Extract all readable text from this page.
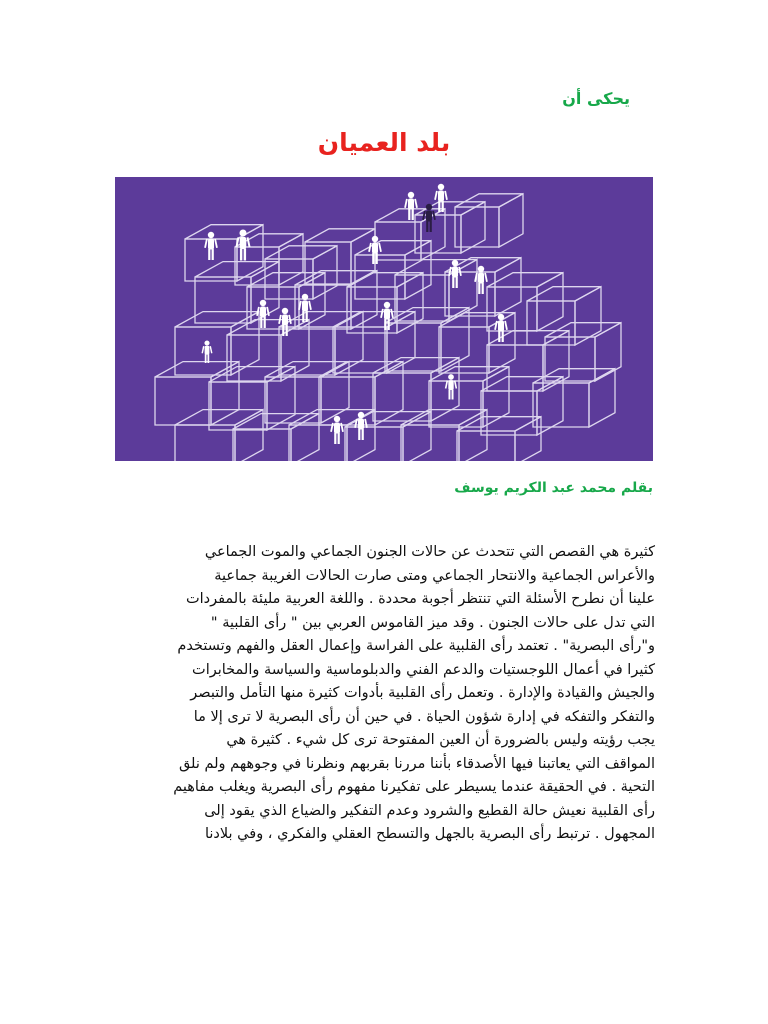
يحكى أن
بلد العميان
بقلم محمد عبد الكريم يوسف
كثيرة هي القصص التي تتحدث عن حالات الجنون الجماعي والموت الجماعي
والأعراس الجماعية والانتحار الجماعي ومتى صارت الحالات الغريبة جماعية
علينا أن نطرح الأسئلة التي تنتظر أجوبة محددة . واللغة العربية مليئة بالمفردات
التي تدل على حالات الجنون . وقد ميز القاموس العربي بين " رأى القلبية "
و"رأى البصرية" . تعتمد رأى القلبية على الفراسة وإعمال العقل والفهم وتستخدم
كثيرا في أعمال اللوجستيات والدعم الفني والدبلوماسية والسياسة والمخابرات
والجيش والقيادة والإدارة . وتعمل رأى القلبية بأدوات كثيرة منها التأمل والتبصر
والتفكر والتفكه في إدارة شؤون الحياة . في حين أن رأى البصرية لا ترى إلا ما
يجب رؤيته وليس بالضرورة أن العين المفتوحة ترى كل شيء . كثيرة هي
المواقف التي يعاتبنا فيها الأصدقاء بأننا مررنا بقربهم ونظرنا في وجوههم ولم نلق
التحية . في الحقيقة عندما يسيطر على تفكيرنا مفهوم رأى البصرية ويغلب مفاهيم
رأى القلبية نعيش حالة القطيع والشرود وعدم التفكير والضياع الذي يقود إلى
المجهول . ترتبط رأى البصرية بالجهل والتسطح العقلي والفكري ، وفي بلادنا
